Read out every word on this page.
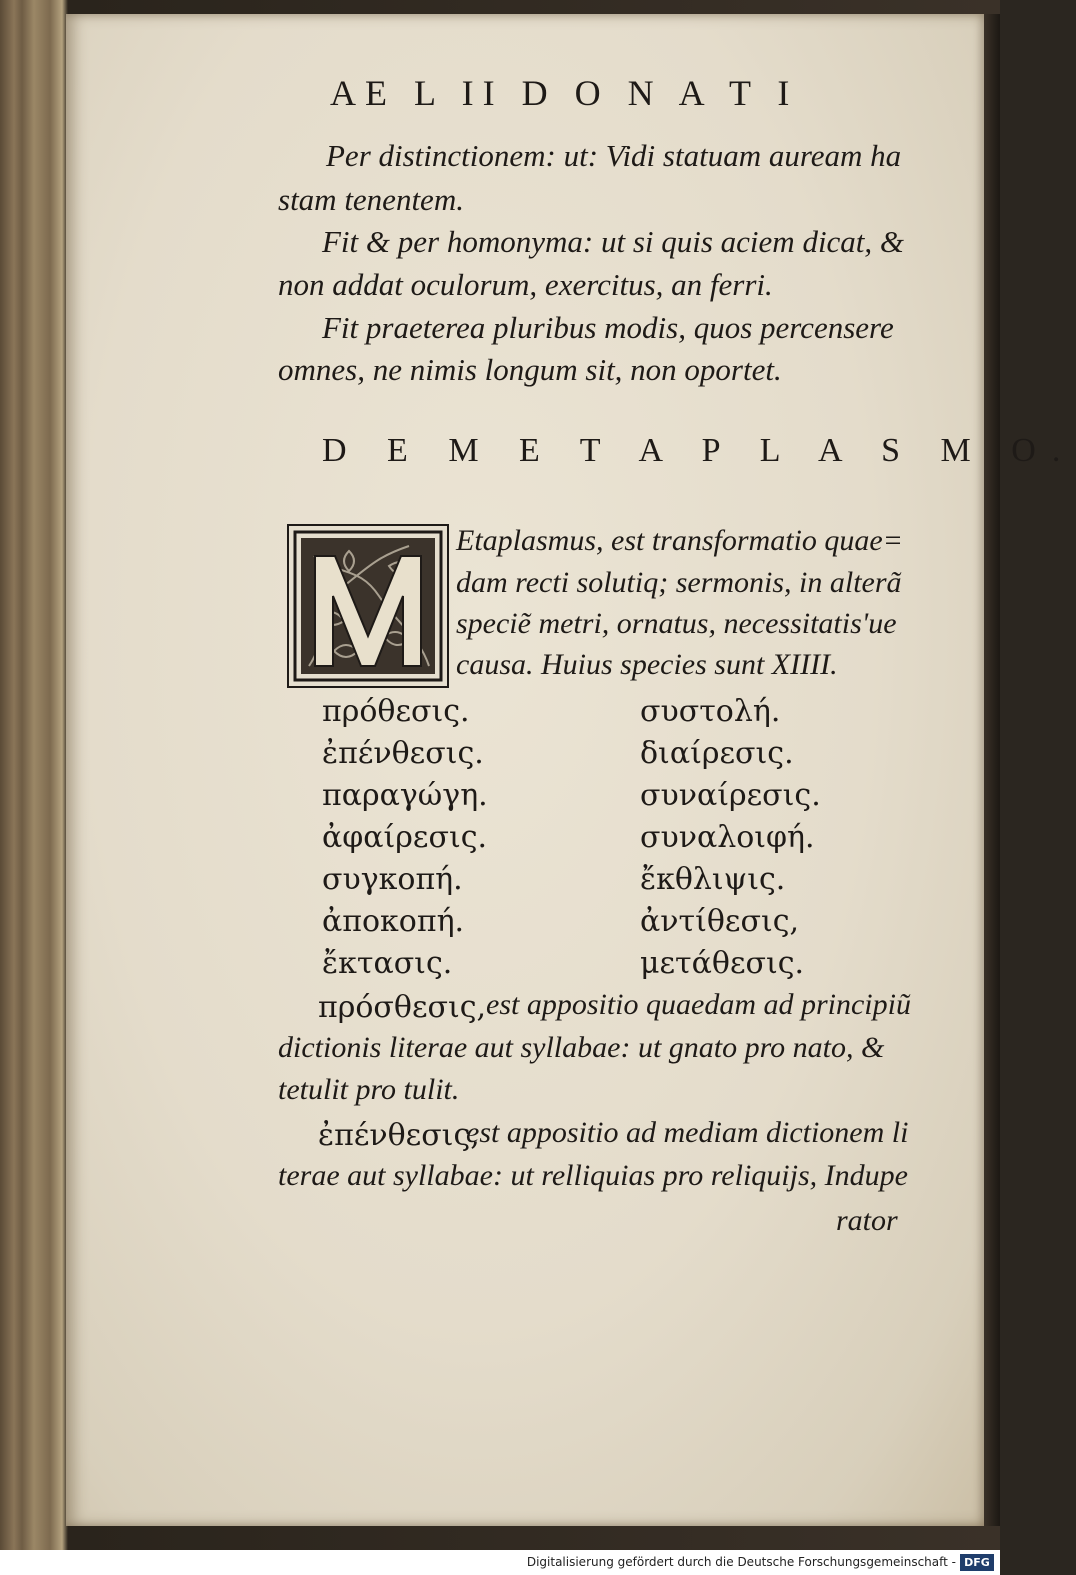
AE L II D O N A T I
Per distinctionem: ut: Vidi statuam auream ha
stam tenentem.
Fit & per homonyma: ut si quis aciem dicat, &
non addat oculorum, exercitus, an ferri.
Fit praeterea pluribus modis, quos percensere
omnes, ne nimis longum sit, non oportet.
D E M E T A P L A S M O.
Etaplasmus, est transformatio quae=
dam recti solutiq; sermonis, in alterã
speciẽ metri, ornatus, necessitatis'ue
causa. Huius species sunt XIIII.
πρόθεσις.
ἐπένθεσις.
παραγώγη.
ἀφαίρεσις.
συγκοπή.
ἀποκοπή.
ἔκτασις.
συστολή.
διαίρεσις.
συναίρεσις.
συναλοιφή.
ἔκθλιψις.
ἀντίθεσις,
μετάθεσις.
πρόσθεσις, est appositio quaedam ad principiũ
dictionis literae aut syllabae: ut gnato pro nato, &
tetulit pro tulit.
ἐπένθεσις,
est appositio ad mediam dictionem li
terae aut syllabae: ut relliquias pro reliquijs, Indupe
rator
Digitalisierung gefördert durch die Deutsche Forschungsgemeinschaft - DFG
